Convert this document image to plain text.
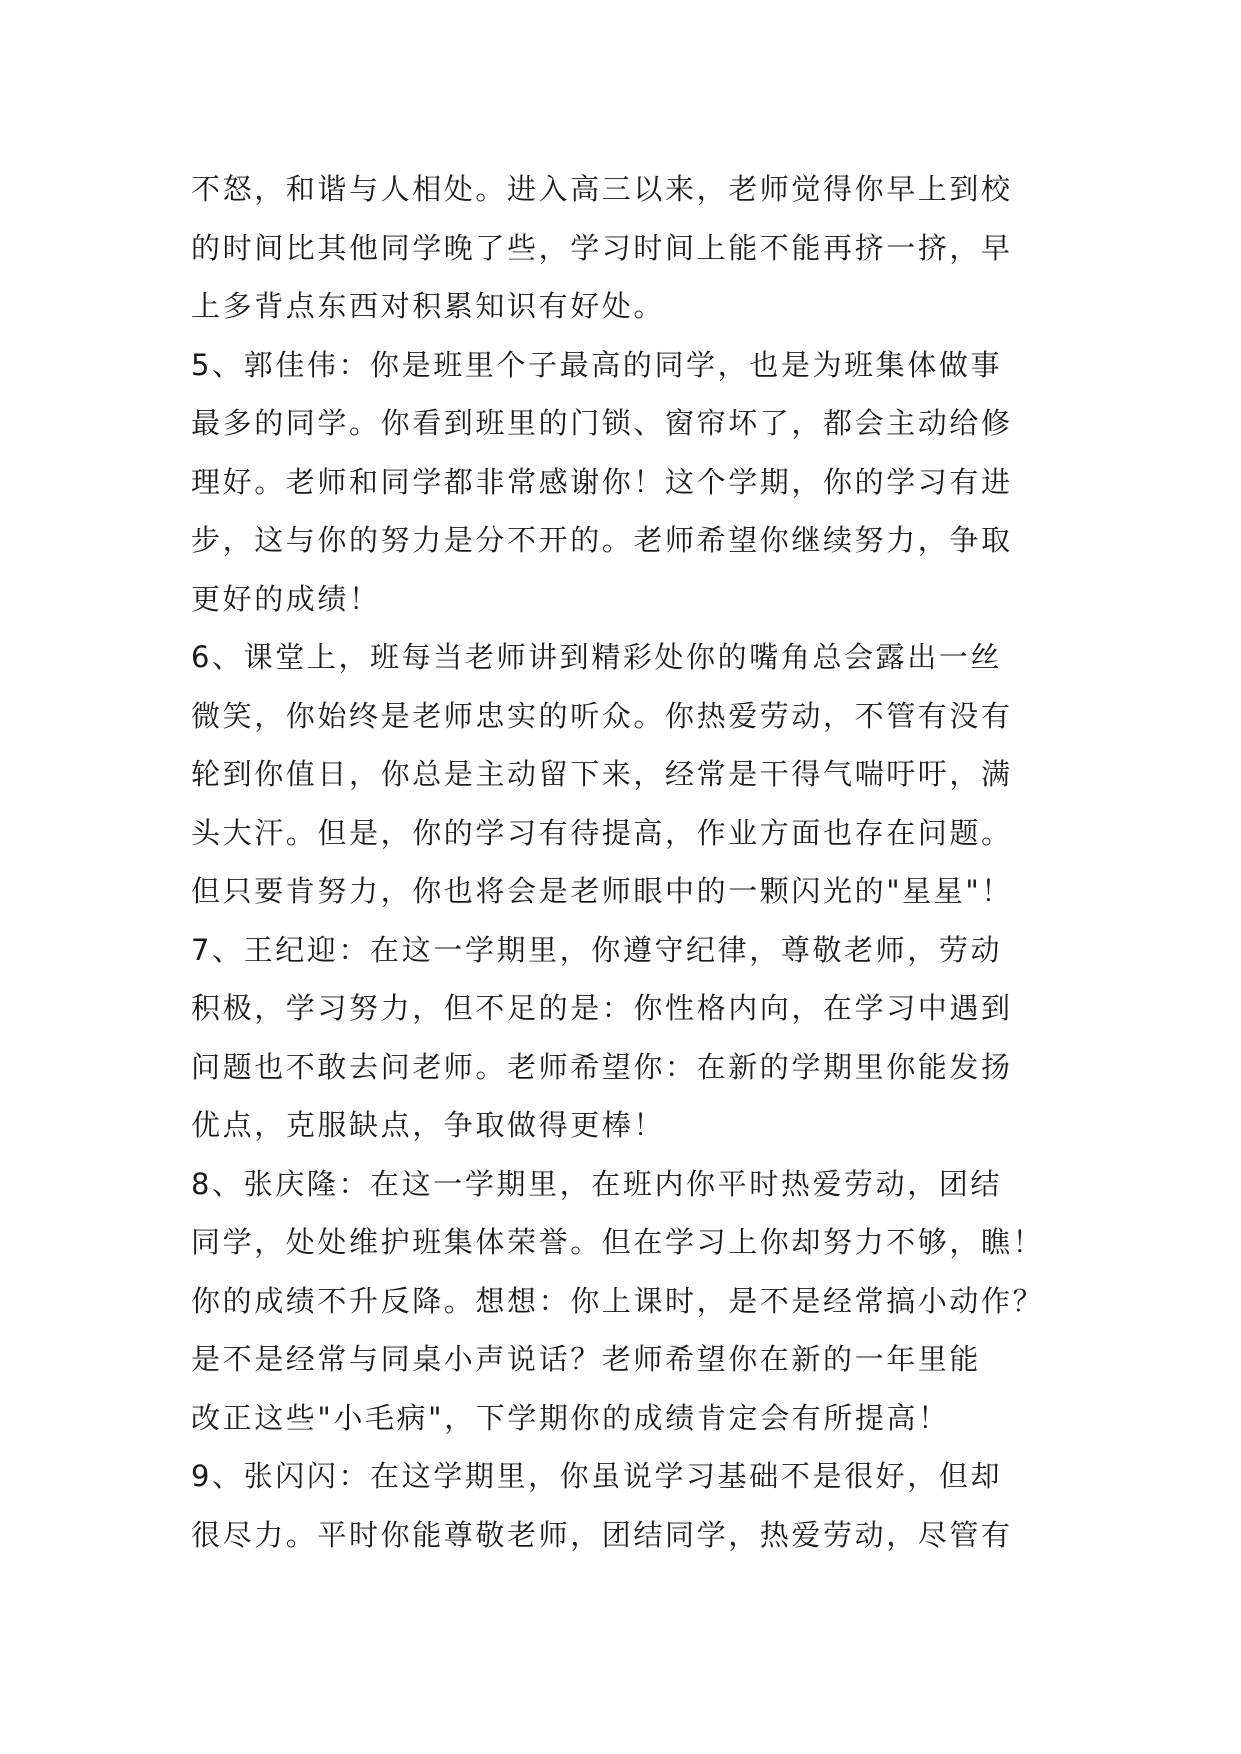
不怒，和谐与人相处。进入高三以来，老师觉得你早上到校

的时间比其他同学晚了些，学习时间上能不能再挤一挤，早

上多背点东西对积累知识有好处。

5、郭佳伟：你是班里个子最高的同学，也是为班集体做事

最多的同学。你看到班里的门锁、窗帘坏了，都会主动给修

理好。老师和同学都非常感谢你！这个学期，你的学习有进

步，这与你的努力是分不开的。老师希望你继续努力，争取

更好的成绩！

6、课堂上，班每当老师讲到精彩处你的嘴角总会露出一丝

微笑，你始终是老师忠实的听众。你热爱劳动，不管有没有

轮到你值日，你总是主动留下来，经常是干得气喘吁吁，满

头大汗。但是，你的学习有待提高，作业方面也存在问题。

但只要肯努力，你也将会是老师眼中的一颗闪光的"星星"！

7、王纪迎：在这一学期里，你遵守纪律，尊敬老师，劳动

积极，学习努力，但不足的是：你性格内向，在学习中遇到

问题也不敢去问老师。老师希望你：在新的学期里你能发扬

优点，克服缺点，争取做得更棒！

8、张庆隆：在这一学期里，在班内你平时热爱劳动，团结

同学，处处维护班集体荣誉。但在学习上你却努力不够，瞧！

你的成绩不升反降。想想：你上课时，是不是经常搞小动作？

是不是经常与同桌小声说话？老师希望你在新的一年里能

改正这些"小毛病"，下学期你的成绩肯定会有所提高！

9、张闪闪：在这学期里，你虽说学习基础不是很好，但却

很尽力。平时你能尊敬老师，团结同学，热爱劳动，尽管有
